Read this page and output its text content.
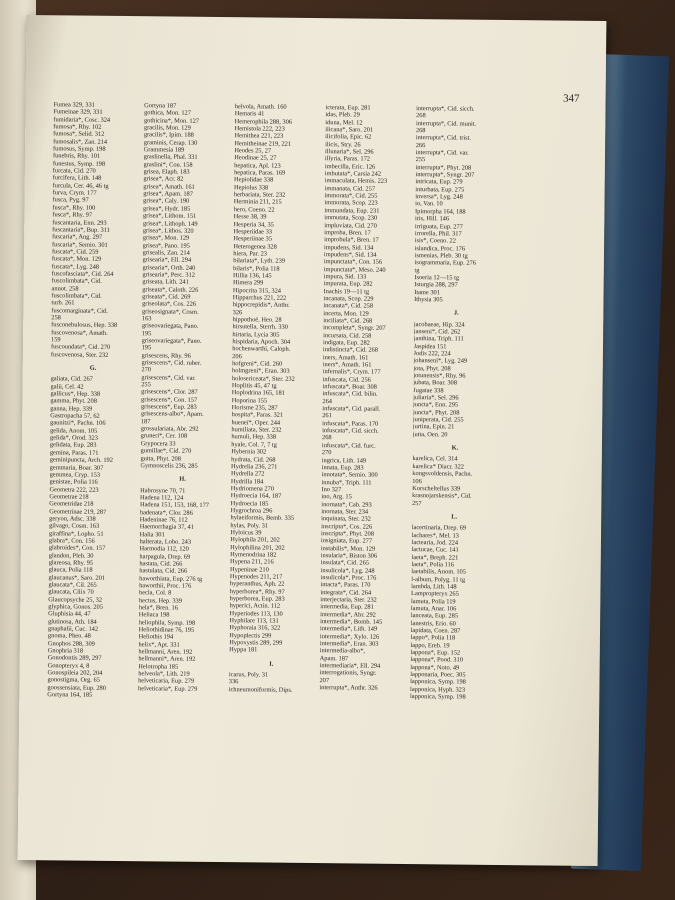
347
Fumea 329, 331
Fumeinae 329, 331
fumidaria*, Cosc. 324
fumosa*, Rhy. 102
fumosa*, Selid. 312
fumosalis*, Zan. 214
fumosus, Symp. 198
funebris, Rhy. 101
funestus, Symp. 198
furcata, Cid. 270
furcifera, Lith. 148
furcula, Cer. 46, 46 tg
furva, Crym. 177
fusca, Pyg. 97
fusca*, Rhy. 100
fusca*, Rhy. 97
fuscantaria, Enn. 293
fuscantaria*, Bup. 311
fuscaria*, Ang. 297
fuscaria*, Semio. 301
fuscata*, Cid. 259
fuscata*, Mon. 129
fuscata*, Lyg. 248
fuscofasciata*, Cid. 264
fuscolimbata*, Cid.
annot. 258
fuscolimbata*, Cid.
turb. 261
fuscomarginata*, Cid.
258
fusconebulosus, Hep. 338
fuscovenosa*, Amath.
159
fuscoundata*, Cid. 270
fuscovenosa, Ster. 232
G.
galiata, Cid. 267
galii, Cel. 42
gallicus*, Hep. 338
gamma, Phyt. 208
ganna, Hep. 339
Gastropacha 57, 62
gaunitzi*, Pachn. 106
gelida, Anom. 105
gelida*, Orod. 323
gelidata, Eup. 283
gemina, Paras. 171
geminipuncta, Arch. 192
gemmaria, Boar. 307
gemmea, Cryp. 153
genistae, Polia 116
Geometra 222, 223
Geometrae 218
Geometridae 218
Geometrinae 219, 287
geryon, Adsc. 338
gilvago, Cosm. 163
giraffina*, Lopho. 51
glabra*, Con. 156
glabroides*, Con. 157
glandon, Pleb. 30
glareosa, Rhy. 95
glauca, Polia 118
glaucanus*, Saro. 201
glaucata*, Cil. 265
glaucata, Cilix 70
Glaucopsyche 25, 32
glyphica, Gonos. 205
Gluphisia 44, 47
glutinosa, Ath. 184
gnaphalii, Cuc. 142
gnoma, Pheo. 48
Gnophos 288, 309
Gnophria 318
Gonodontis 289, 297
Gonopteryx 4, 8
Gonospileia 202, 204
gonostigma, Org. 65
goossensiata, Eup. 280
Gortyna 164, 185
Gortyna 187
gothica, Mon. 127
gothicina*, Mon. 127
gracilis, Mon. 129
gracilis*, Ipim. 188
graminis, Cerap. 130
Grammesia 189
graslinella, Phal. 331
graslini*, Con. 158
grisea, Elaph. 183
grisea*, Acr. 82
grisea*, Amath. 161
grisea*, Apam. 187
grisea*, Caly. 190
grisea*, Hydr. 185
grisea*, Lithom. 151
grisea*, Lithoph. 149
grisea*, Lithos. 320
grisea*, Mon. 129
grisea*, Pano. 195
grisealis, Zan. 214
grisearia*, Ell. 294
grisearia*, Orth. 240
grisearia*, Perc. 312
griseata, Lith. 241
griseata*, Caloth. 226
griseata*, Cid. 269
griseolata*, Cos. 226
griseosignata*, Cosm.
163
griseovariegata, Pano.
195
griseovariegata*, Pano.
195
grisescens, Rhy. 96
grisescens*, Cid. ruber.
270
grisescens*, Cid. var.
255
grisescens*, Clor. 287
grisescens*, Con. 157
grisescens*, Eup. 283
grisescens-albo*, Apam.
187
grossulariata, Abr. 292
gruneri*, Cer. 108
Grypocera 33
gumillae*, Cid. 270
gutta, Phyt. 208
Gymnoscelis 236, 285
H.
Habrosyne 70, 71
Hadena 112, 124
Hadena 151, 153, 168, 177
hadenata*, Clor. 286
Hadeninae 76, 112
Haemorrhagia 37, 41
Halia 301
halterata, Lobo. 243
Harmodia 112, 120
harpagula, Drep. 69
hastata, Cid. 266
hastulata, Cid. 266
haworthiata, Eup. 276 tg
haworthii, Proc. 176
hecla, Col. 8
hectus, Hep. 339
hela*, Bren. 16
Heliaca 198
heliophila, Symp. 198
Heliothidinae 76, 195
Heliothis 194
helix*, Apt. 331
hellmanni, Aren. 192
hellmanni*, Aren. 192
Helotropha 185
helveola*, Lith. 219
helveticaria, Eup. 279
helveticaria*, Eup. 279
helvola, Amath. 160
Hemaris 41
Hemerophila 288, 306
Hemistola 222, 223
Hemithea 221, 223
Hemitheinae 219, 221
Heodes 25, 27
Heodinae 25, 27
hepatica, Apl. 123
hepatica, Paras. 169
Hepiolidae 338
Hepiolus 338
herbariata, Ster. 232
Herminia 211, 215
hero, Coeno. 22
Hesse 38, 39
Hesperia 34, 35
Hesperiidae 33
Hesperiinae 35
Heterogenea 328
hiera, Par. 23
bilariata*, Lyth. 239
bilaris*, Polia 118
Hillia 136, 145
Himera 299
Hipocrita 315, 324
Hipparchus 221, 222
hippocrepidis*, Anthr.
326
hippothoë, Heo. 28
hirsutella, Sterrh. 330
hirtaria, Lycia 305
hispidaria, Apoch. 304
hochenwarthi, Caloph.
206
hofgreni*, Cid. 260
holmgreni*, Eran. 303
holosericeata*, Ster. 232
Hoplitis 45, 47 tg
Hoplodrina 165, 181
Hoporina 155
Horisme 235, 287
hospita*, Paras. 321
hueneï*, Oper. 244
humiliata, Ster. 232
humuli, Hep. 338
hyale, Col. 7, 7 tg
Hybernia 302
hydrata, Cid. 268
Hydrelia 236, 271
Hydrella 272
Hydrilla 184
Hydriomena 270
Hydroecia 164, 187
Hydroecia 185
Hygrochroa 296
hylaeiformis, Bemb. 335
hylas, Poly. 31
Hyloicus 39
Hylophila 201, 202
Hylophilina 201, 202
Hymenodrina 182
Hypena 211, 216
Hypeninae 210
Hypenodes 211, 217
hyperanthus, Aph. 22
hyperborea*, Rhy. 97
hyperborea, Eup. 283
hyperici, Actin. 112
Hyperiodes 113, 130
Hyphilare 113, 131
Hyphoraia 316, 322
Hypoplectis 299
Hypoxystis 289, 299
Hyppa 181
I.
icarus, Poly. 31
336
ichneumoniformis, Dips.
icterata, Eup. 281
idas, Pleb. 29
iduna, Mel. 12
ilicana*, Saro. 201
ilicifolia, Epic. 62
ilicis, Stry. 26
illunaria*, Sel. 296
illyria, Paras. 172
imbecilla, Eric. 126
imbutata*, Carsia 242
immaculata, Hemis. 223
immanata, Cid. 257
immorata*, Cid. 255
immorata, Scop. 223
immundata, Eup. 231
immutata, Scop. 230
impluviata, Cid. 270
improba, Bren. 17
improbula*, Bren. 17
impudens, Sid. 134
impudens*, Sid. 134
impunctata*, Con. 156
impunctata*, Meso. 240
impura, Sid. 133
impurata, Eup. 282
Inachis 19—11 tg
incanata, Scop. 229
incanata*, Cid. 258
incerta, Mon. 129
inciliata*, Cid. 268
incompleta*, Syngr. 207
incursata, Cid. 258
indigata, Eup. 282
indistincta*, Cid. 268
iners, Amath. 161
iners*, Amath. 161
infernalis*, Crym. 177
infuscata, Cid. 256
infuscata*, Boar. 308
infuscata*, Cid. bilin.
264
infuscata*, Cid. parall.
261
infuscata*, Paras. 170
infuscata*, Cid. sicch.
268
infuscata*, Cid. furc.
270
ingrica, Lith. 149
innata, Eup. 283
innotata*, Semio. 300
innuba*, Triph. 111
Ino 327
ino, Arg. 15
inornata*, Cab. 293
inornata, Ster. 234
inquinata, Ster. 232
inscripta*, Cos. 226
inscripta*, Phyt. 208
insigniata, Eup. 277
instabilis*, Mon. 129
insularia*, Biston 306
insulata*, Cid. 265
insulicola*, Lyg. 248
insulicola*, Proc. 176
intacta*, Paras. 170
integrata*, Cid. 264
interjectaria, Ster. 232
intermedia, Eup. 281
intermedia*, Abr. 292
intermedia*, Bomb. 145
intermedia*, Lith. 149
intermedia*, Xylo. 126
intermedia*, Eran. 303
intermedia-albo*,
Apam. 187
intermediaria*, Ell. 294
interrogationis, Syngr.
207
interrupta*, Anthr. 326
interrupta*, Cid. sicch.
268
interrupta*, Cid. munit.
268
interrupta*, Cid. trist.
266
interrupta*, Cid. var.
255
interrupta*, Phyt. 208
interrupta*, Syngr. 207
intricata, Eup. 279
inturbata, Eup. 275
inversa*, Lyg. 248
io, Van. 10
Ipimorpha 164, 188
iris, Hill. 146
irriguata, Eup. 277
irrorella, Phil. 317
isis*, Coeno. 22
islandica, Proc. 176
ismenias, Pleb. 30 tg
isogrammaria, Eup. 276
tg
Isoeria 12—15 tg
Isturgia 288, 297
Itame 301
Ithysia 305
J.
jacobaeae, Hip. 324
janseni*, Cid. 262
janthina, Triph. 111
Jaspidea 151
Jodis 222, 224
johanseni*, Lyg. 249
jota, Phyt. 208
jotunensis*, Rhy. 96
jubata, Boar. 308
Jugatae 338
juliaria*, Sel. 296
juncta*, Enn. 295
juncta*, Phyt. 208
juniperata, Cid. 255
jurtina, Epin. 21
jutta, Oen. 20
K.
karelica, Cel. 314
karelica* Diacr. 322
kongsvoldensis, Pachn.
106
Korscheltellus 339
krasnojarskensis*, Cid.
257
L.
lacertinaria, Drep. 69
lachares*, Mel. 13
lactearia, Jod. 224
lactucae, Cuc. 141
laeta*, Breph. 221
laeta*, Polia 116
laetabilis, Anom. 105
l-album, Polyg. 11 tg
lambda, Lith. 148
Lampropteryx 265
lamuta, Polia 119
lamuta, Anar. 106
lanceata, Eup. 285
lanestris, Erio. 60
lapidata, Coen. 287
lappo*, Polia 118
lappo, Ereb. 19
lappona*, Eup. 152
lappona*, Pood. 310
lappona*, Noto. 49
lapponaria, Poec. 305
lapponica, Symp. 198
lapponica, Hyph. 323
lapponica, Symp. 198
